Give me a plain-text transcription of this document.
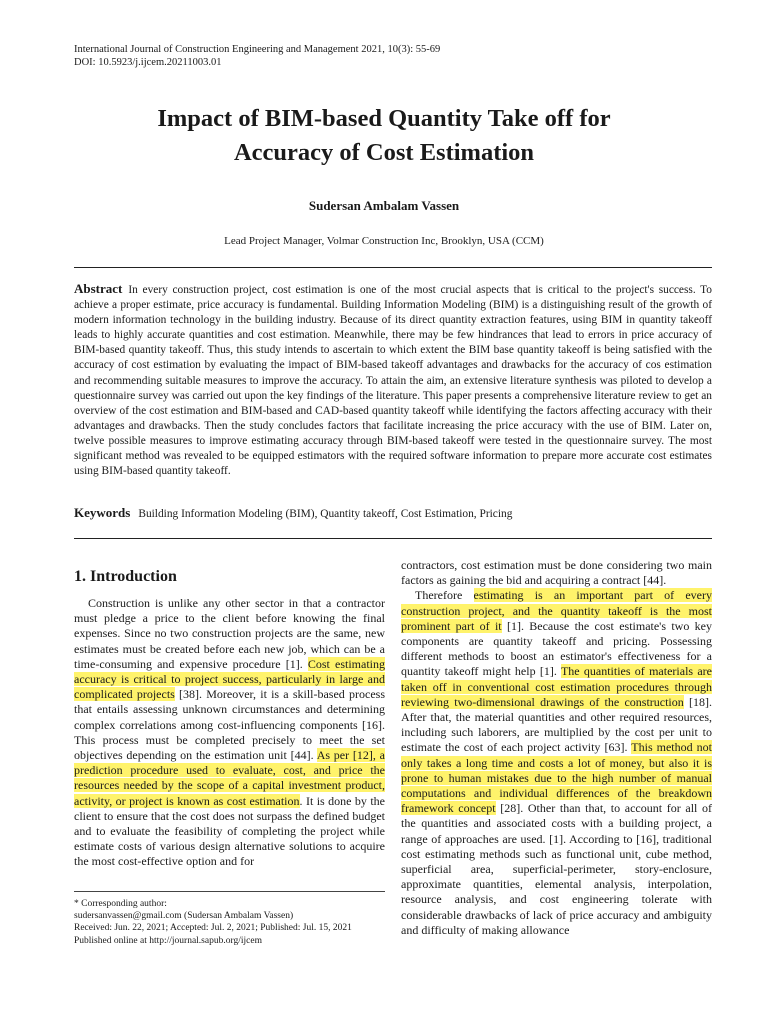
International Journal of Construction Engineering and Management 2021, 10(3): 55-69
DOI: 10.5923/j.ijcem.20211003.01
Impact of BIM-based Quantity Take off for
Accuracy of Cost Estimation
Sudersan Ambalam Vassen
Lead Project Manager, Volmar Construction Inc, Brooklyn, USA (CCM)

Abstract In every construction project, cost estimation is one of the most crucial aspects that is critical to the project's success. To achieve a proper estimate, price accuracy is fundamental. Building Information Modeling (BIM) is a distinguishing result of the growth of modern information technology in the building industry. Because of its direct quantity extraction features, using BIM in quantity takeoff leads to highly accurate quantities and cost estimation. Meanwhile, there may be few hindrances that lead to errors in price accuracy of BIM-based quantity takeoff. Thus, this study intends to ascertain to which extent the BIM base quantity takeoff is being satisfied with the accuracy of cost estimation by evaluating the impact of BIM-based takeoff advantages and drawbacks for the accuracy of cos estimation and recommending suitable measures to improve the accuracy. To attain the aim, an extensive literature synthesis was piloted to develop a questionnaire survey was carried out upon the key findings of the literature. This paper presents a comprehensive literature review to get an overview of the cost estimation and BIM-based and CAD-based quantity takeoff while identifying the factors affecting accuracy with their advantages and drawbacks. Then the study concludes factors that facilitate increasing the price accuracy with the use of BIM. Later on, twelve possible measures to improve estimating accuracy through BIM-based takeoff were tested in the questionnaire survey. The most significant method was revealed to be equipped estimators with the required software information to prepare more accurate cost estimates using BIM-based quantity takeoff.

Keywords Building Information Modeling (BIM), Quantity takeoff, Cost Estimation, Pricing
1. Introduction

Construction is unlike any other sector in that a contractor must pledge a price to the client before knowing the final expenses. Since no two construction projects are the same, new estimates must be created before each new job, which can be a time-consuming and expensive procedure [1]. Cost estimating accuracy is critical to project success, particularly in large and complicated projects [38]. Moreover, it is a skill-based process that entails assessing unknown circumstances and determining complex correlations among cost-influencing components [16]. This process must be completed precisely to meet the set objectives depending on the estimation unit [44]. As per [12], a prediction procedure used to evaluate, cost, and price the resources needed by the scope of a capital investment product, activity, or project is known as cost estimation. It is done by the client to ensure that the cost does not surpass the defined budget and to evaluate the feasibility of completing the project while estimate costs of various design alternative solutions to acquire the most cost-effective option and for

* Corresponding author:
sudersanvassen@gmail.com (Sudersan Ambalam Vassen)
Received: Jun. 22, 2021; Accepted: Jul. 2, 2021; Published: Jul. 15, 2021
Published online at http://journal.sapub.org/ijcem

contractors, cost estimation must be done considering two main factors as gaining the bid and acquiring a contract [44].

Therefore estimating is an important part of every construction project, and the quantity takeoff is the most prominent part of it [1]. Because the cost estimate's two key components are quantity takeoff and pricing. Possessing different methods to boost an estimator's effectiveness for a quantity takeoff might help [1]. The quantities of materials are taken off in conventional cost estimation procedures through reviewing two-dimensional drawings of the construction [18]. After that, the material quantities and other required resources, including such laborers, are multiplied by the cost per unit to estimate the cost of each project activity [63]. This method not only takes a long time and costs a lot of money, but also it is prone to human mistakes due to the high number of manual computations and individual differences of the breakdown framework concept [28]. Other than that, to account for all of the quantities and associated costs with a building project, a range of approaches are used. [1]. According to [16], traditional cost estimating methods such as functional unit, cube method, superficial area, superficial-perimeter, story-enclosure, approximate quantities, elemental analysis, interpolation, resource analysis, and cost engineering tolerate with considerable drawbacks of lack of price accuracy and ambiguity and difficulty of making allowance
